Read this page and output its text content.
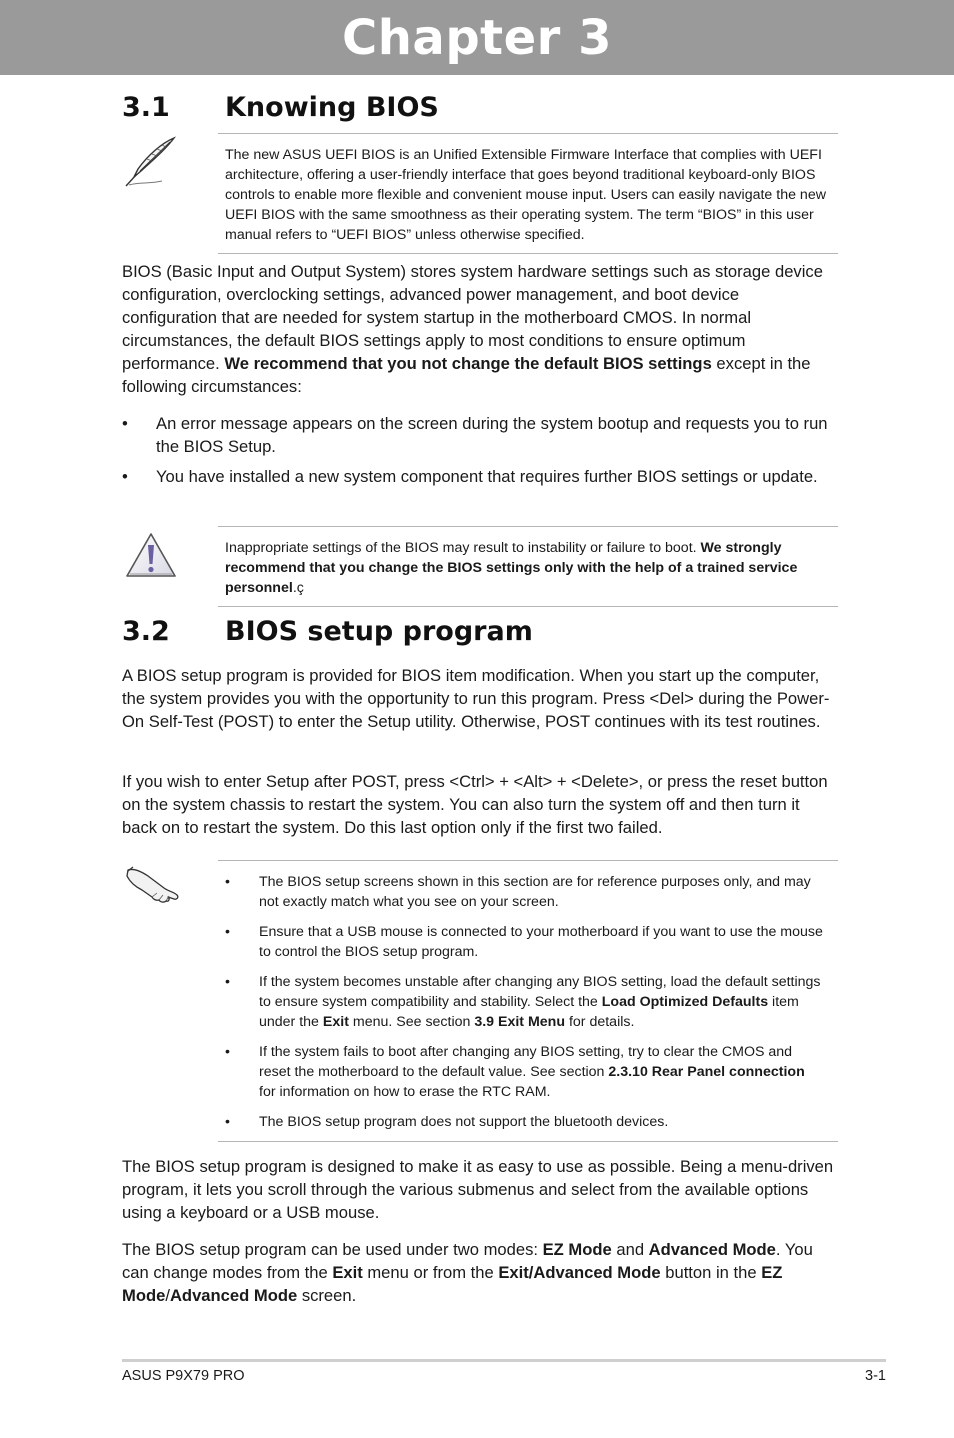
Chapter 3
3.1 Knowing BIOS
The new ASUS UEFI BIOS is an Unified Extensible Firmware Interface that complies with UEFI architecture, offering a user-friendly interface that goes beyond traditional keyboard-only BIOS controls to enable more flexible and convenient mouse input. Users can easily navigate the new UEFI BIOS with the same smoothness as their operating system. The term “BIOS” in this user manual refers to “UEFI BIOS” unless otherwise specified.

BIOS (Basic Input and Output System) stores system hardware settings such as storage device configuration, overclocking settings, advanced power management, and boot device configuration that are needed for system startup in the motherboard CMOS. In normal circumstances, the default BIOS settings apply to most conditions to ensure optimum performance. We recommend that you not change the default BIOS settings except in the following circumstances:

• An error message appears on the screen during the system bootup and requests you to run the BIOS Setup.
• You have installed a new system component that requires further BIOS settings or update.
Inappropriate settings of the BIOS may result to instability or failure to boot. We strongly recommend that you change the BIOS settings only with the help of a trained service personnel.ç
3.2 BIOS setup program

A BIOS setup program is provided for BIOS item modification. When you start up the computer, the system provides you with the opportunity to run this program. Press <Del> during the Power-On Self-Test (POST) to enter the Setup utility. Otherwise, POST continues with its test routines.

If you wish to enter Setup after POST, press <Ctrl> + <Alt> + <Delete>, or press the reset button on the system chassis to restart the system. You can also turn the system off and then turn it back on to restart the system. Do this last option only if the first two failed.

• The BIOS setup screens shown in this section are for reference purposes only, and may not exactly match what you see on your screen.
• Ensure that a USB mouse is connected to your motherboard if you want to use the mouse to control the BIOS setup program.
• If the system becomes unstable after changing any BIOS setting, load the default settings to ensure system compatibility and stability. Select the Load Optimized Defaults item under the Exit menu. See section 3.9 Exit Menu for details.
• If the system fails to boot after changing any BIOS setting, try to clear the CMOS and reset the motherboard to the default value. See section 2.3.10 Rear Panel connection for information on how to erase the RTC RAM.
• The BIOS setup program does not support the bluetooth devices.

The BIOS setup program is designed to make it as easy to use as possible. Being a menu-driven program, it lets you scroll through the various submenus and select from the available options using a keyboard or a USB mouse.

The BIOS setup program can be used under two modes: EZ Mode and Advanced Mode. You can change modes from the Exit menu or from the Exit/Advanced Mode button in the EZ Mode/Advanced Mode screen.

ASUS P9X79 PRO	3-1
